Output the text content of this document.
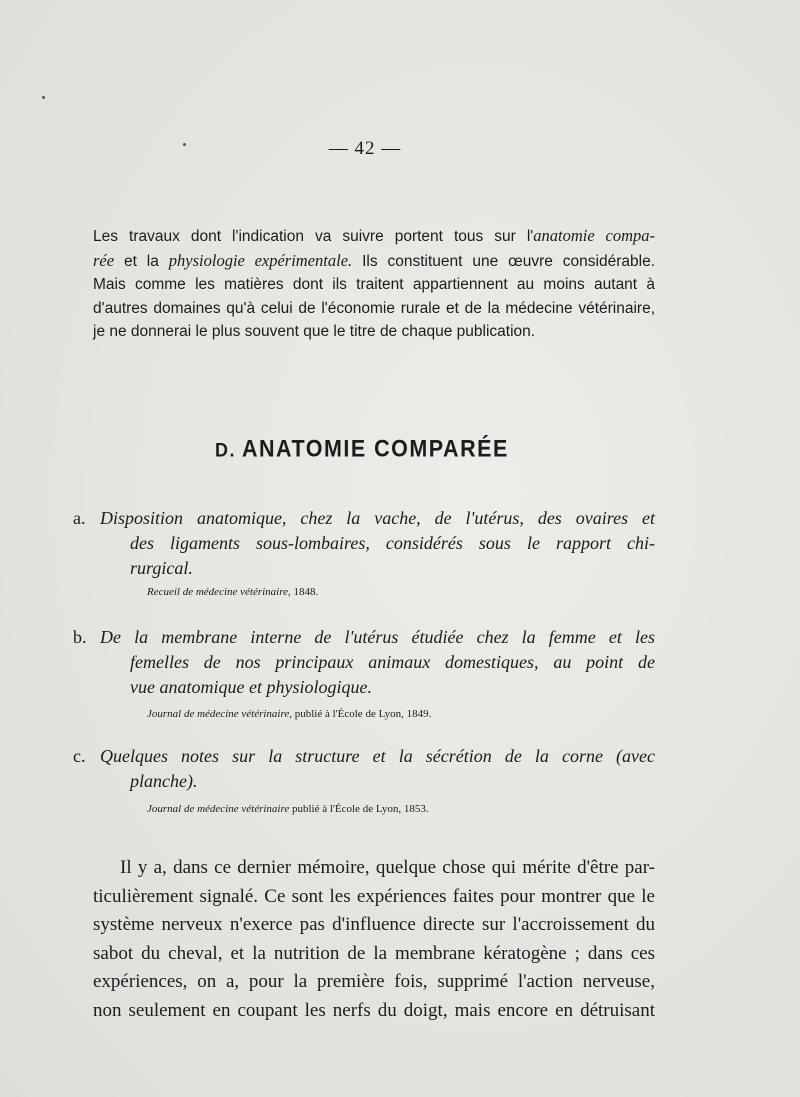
— 42 —
Les travaux dont l'indication va suivre portent tous sur l'anatomie compa-
rée et la physiologie expérimentale. Ils constituent une œuvre considérable.
Mais comme les matières dont ils traitent appartiennent au moins autant à
d'autres domaines qu'à celui de l'économie rurale et de la médecine vétérinaire,
je ne donnerai le plus souvent que le titre de chaque publication.
D. ANATOMIE COMPARÉE
a. Disposition anatomique, chez la vache, de l'utérus, des ovaires et
des ligaments sous-lombaires, considérés sous le rapport chi-
rurgical.
Recueil de médecine vétérinaire, 1848.
b. De la membrane interne de l'utérus étudiée chez la femme et les
femelles de nos principaux animaux domestiques, au point de
vue anatomique et physiologique.
Journal de médecine vétérinaire, publié à l'École de Lyon, 1849.
c. Quelques notes sur la structure et la sécrétion de la corne (avec
planche).
Journal de médecine vétérinaire publié à l'École de Lyon, 1853.
Il y a, dans ce dernier mémoire, quelque chose qui mérite d'être par-
ticulièrement signalé. Ce sont les expériences faites pour montrer que le
système nerveux n'exerce pas d'influence directe sur l'accroissement du
sabot du cheval, et la nutrition de la membrane kératogène ; dans ces
expériences, on a, pour la première fois, supprimé l'action nerveuse,
non seulement en coupant les nerfs du doigt, mais encore en détruisant
